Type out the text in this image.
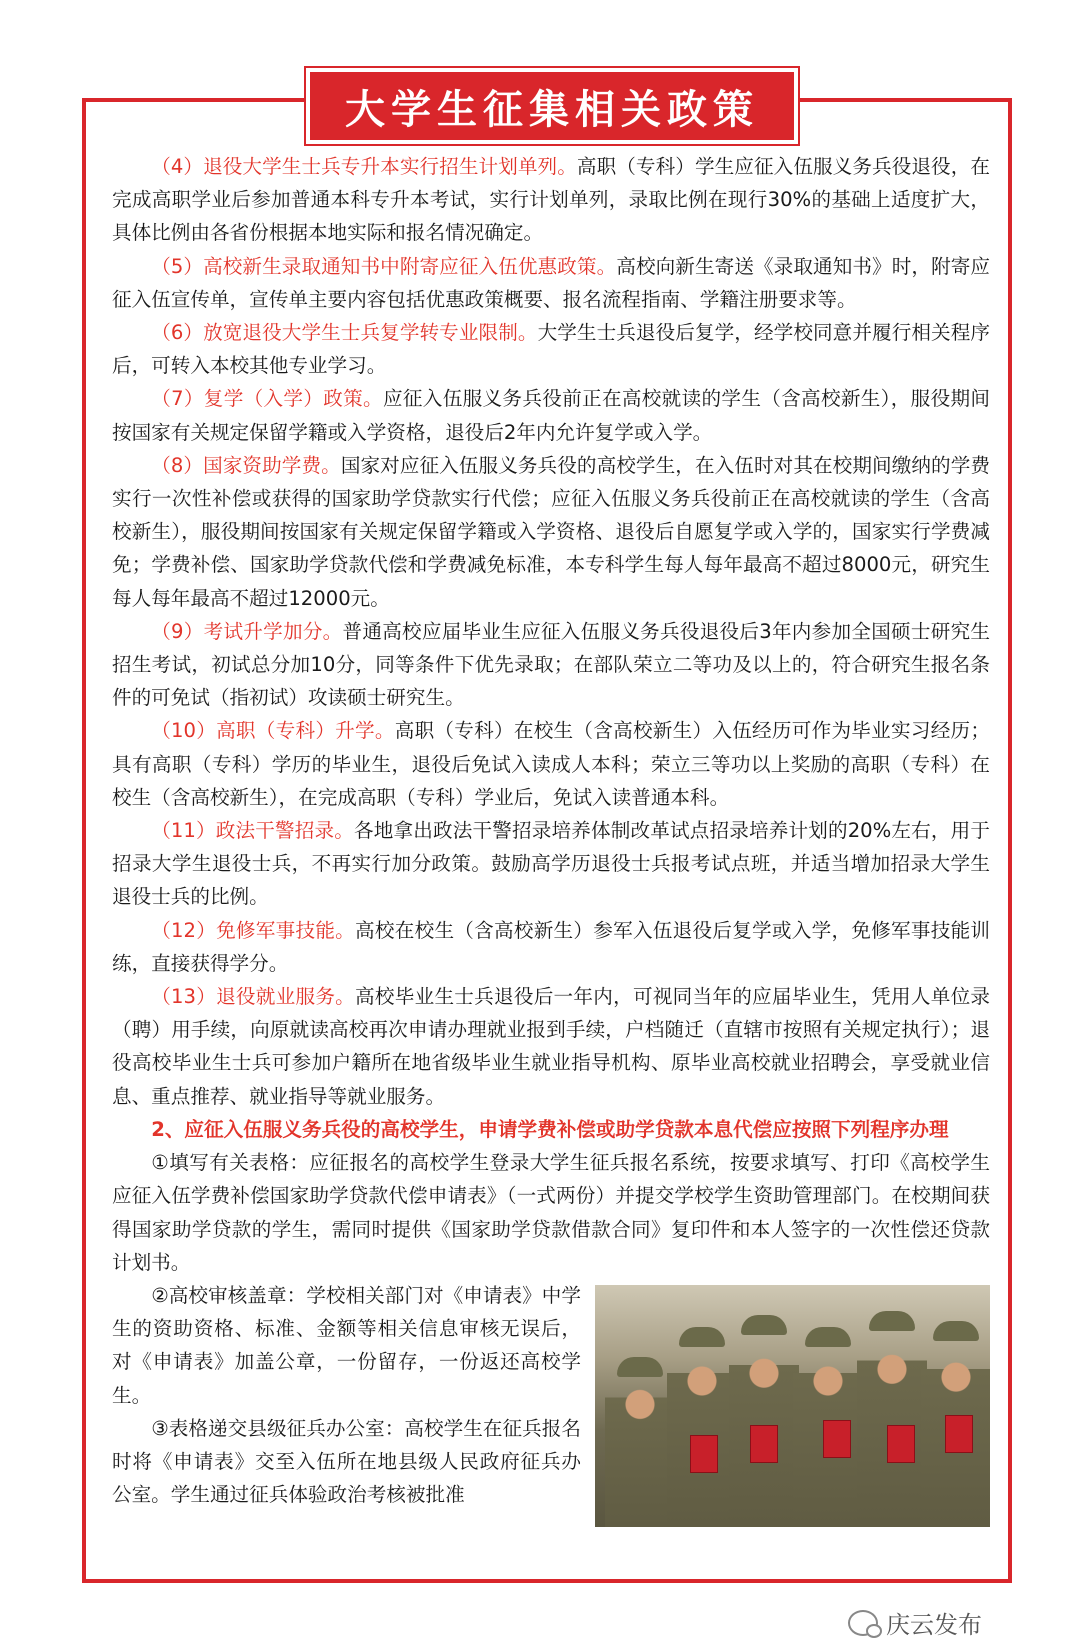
大学生征集相关政策

（4）退役大学生士兵专升本实行招生计划单列。高职（专科）学生应征入伍服义务兵役退役，在完成高职学业后参加普通本科专升本考试，实行计划单列，录取比例在现行30%的基础上适度扩大，具体比例由各省份根据本地实际和报名情况确定。

（5）高校新生录取通知书中附寄应征入伍优惠政策。高校向新生寄送《录取通知书》时，附寄应征入伍宣传单，宣传单主要内容包括优惠政策概要、报名流程指南、学籍注册要求等。

（6）放宽退役大学生士兵复学转专业限制。大学生士兵退役后复学，经学校同意并履行相关程序后，可转入本校其他专业学习。

（7）复学（入学）政策。应征入伍服义务兵役前正在高校就读的学生（含高校新生），服役期间按国家有关规定保留学籍或入学资格，退役后2年内允许复学或入学。

（8）国家资助学费。国家对应征入伍服义务兵役的高校学生，在入伍时对其在校期间缴纳的学费实行一次性补偿或获得的国家助学贷款实行代偿；应征入伍服义务兵役前正在高校就读的学生（含高校新生），服役期间按国家有关规定保留学籍或入学资格、退役后自愿复学或入学的，国家实行学费减免；学费补偿、国家助学贷款代偿和学费减免标准，本专科学生每人每年最高不超过8000元，研究生每人每年最高不超过12000元。

（9）考试升学加分。普通高校应届毕业生应征入伍服义务兵役退役后3年内参加全国硕士研究生招生考试，初试总分加10分，同等条件下优先录取；在部队荣立二等功及以上的，符合研究生报名条件的可免试（指初试）攻读硕士研究生。

（10）高职（专科）升学。高职（专科）在校生（含高校新生）入伍经历可作为毕业实习经历；具有高职（专科）学历的毕业生，退役后免试入读成人本科；荣立三等功以上奖励的高职（专科）在校生（含高校新生），在完成高职（专科）学业后，免试入读普通本科。

（11）政法干警招录。各地拿出政法干警招录培养体制改革试点招录培养计划的20%左右，用于招录大学生退役士兵，不再实行加分政策。鼓励高学历退役士兵报考试点班，并适当增加招录大学生退役士兵的比例。

（12）免修军事技能。高校在校生（含高校新生）参军入伍退役后复学或入学，免修军事技能训练，直接获得学分。

（13）退役就业服务。高校毕业生士兵退役后一年内，可视同当年的应届毕业生，凭用人单位录（聘）用手续，向原就读高校再次申请办理就业报到手续，户档随迁（直辖市按照有关规定执行）；退役高校毕业生士兵可参加户籍所在地省级毕业生就业指导机构、原毕业高校就业招聘会，享受就业信息、重点推荐、就业指导等就业服务。

2、应征入伍服义务兵役的高校学生，申请学费补偿或助学贷款本息代偿应按照下列程序办理

①填写有关表格：应征报名的高校学生登录大学生征兵报名系统，按要求填写、打印《高校学生应征入伍学费补偿国家助学贷款代偿申请表》（一式两份）并提交学校学生资助管理部门。在校期间获得国家助学贷款的学生，需同时提供《国家助学贷款借款合同》复印件和本人签字的一次性偿还贷款计划书。

②高校审核盖章：学校相关部门对《申请表》中学生的资助资格、标准、金额等相关信息审核无误后，对《申请表》加盖公章，一份留存，一份返还高校学生。

③表格递交县级征兵办公室：高校学生在征兵报名时将《申请表》交至入伍所在地县级人民政府征兵办公室。学生通过征兵体验政治考核被批准

庆云发布
